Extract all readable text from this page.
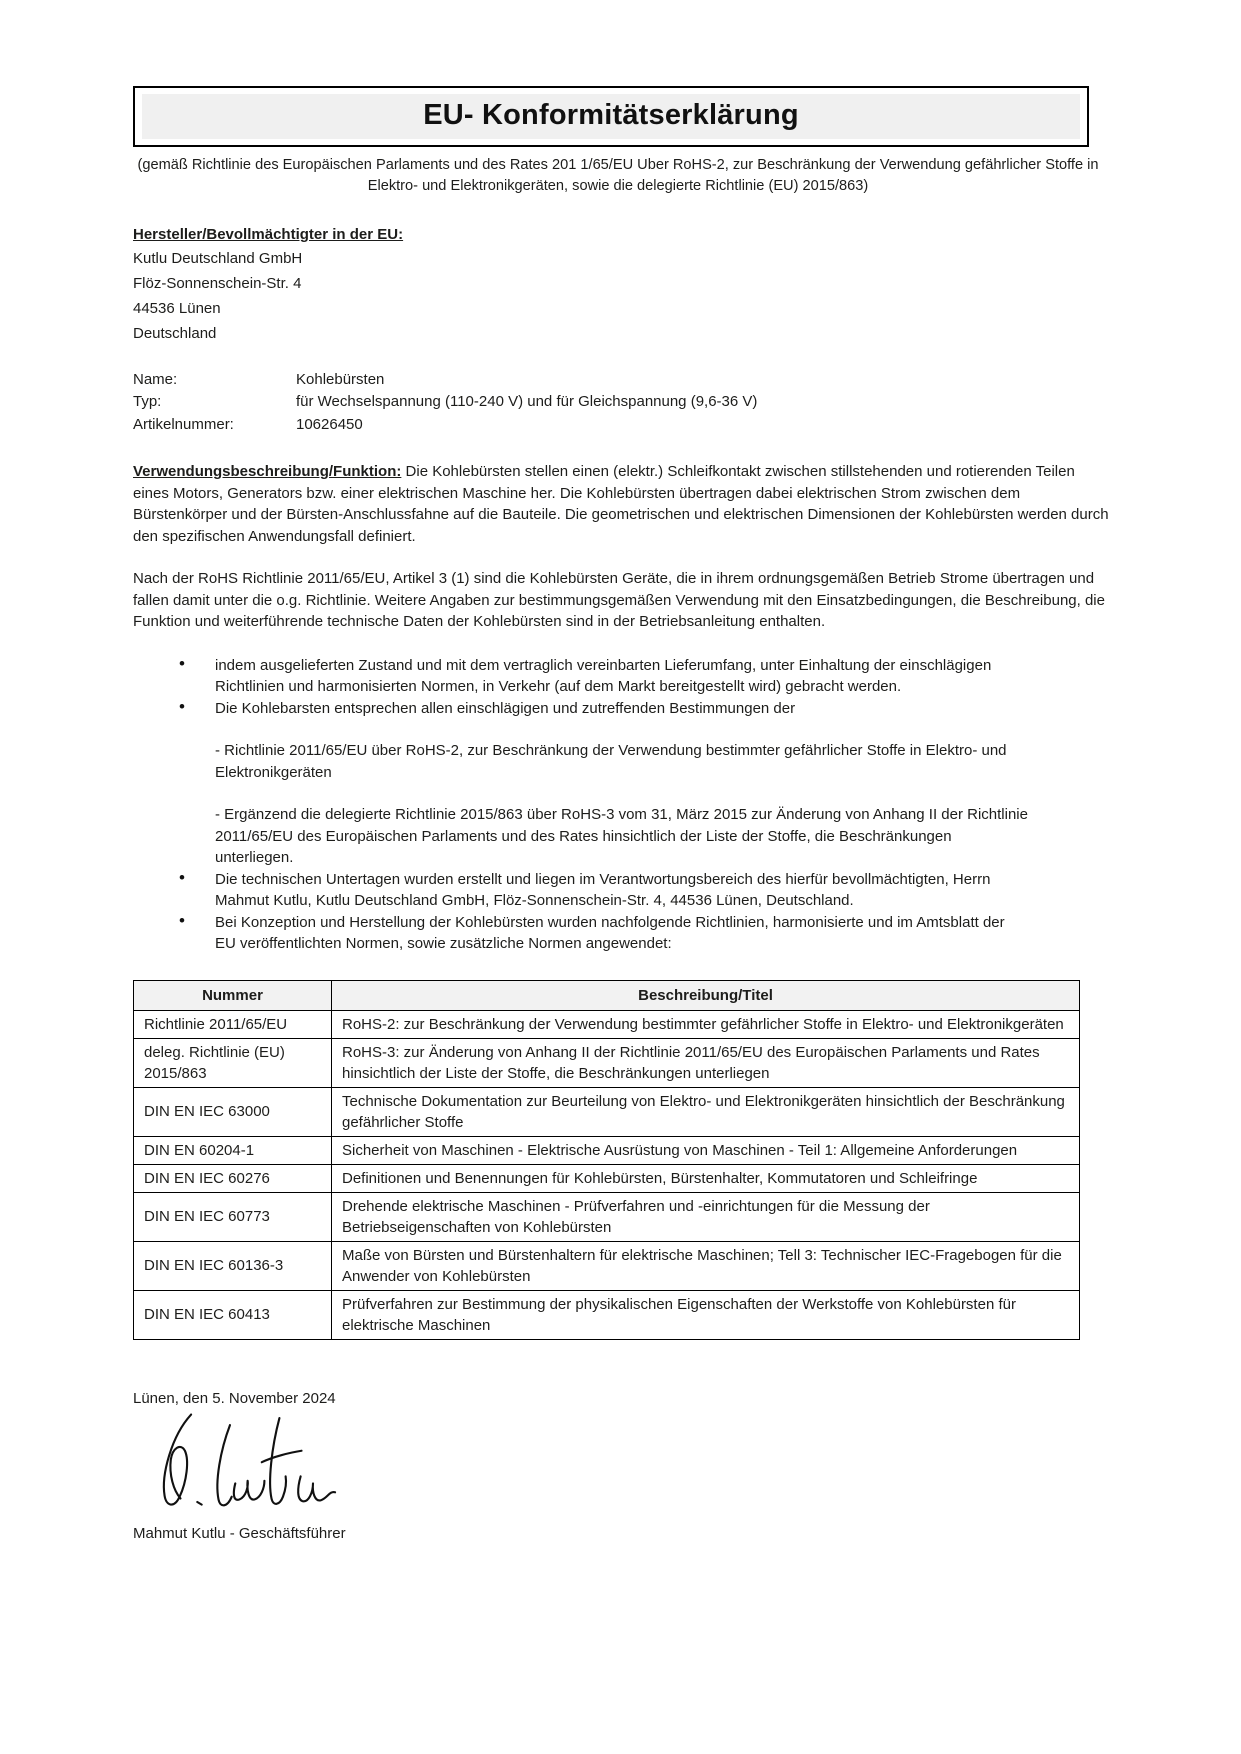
EU- Konformitätserklärung

(gemäß Richtlinie des Europäischen Parlaments und des Rates 201 1/65/EU Uber RoHS-2, zur Beschränkung der Verwendung gefährlicher Stoffe in Elektro- und Elektronikgeräten, sowie die delegierte Richtlinie (EU) 2015/863)

Hersteller/Bevollmächtigter in der EU:

Kutlu Deutschland GmbH

Flöz-Sonnenschein-Str. 4

44536 Lünen

Deutschland

Name:	Kohlebürsten
Typ:	für Wechselspannung (110-240 V) und für Gleichspannung (9,6-36 V)
Artikelnummer:	10626450

Verwendungsbeschreibung/Funktion: Die Kohlebürsten stellen einen (elektr.) Schleifkontakt zwischen stillstehenden und rotierenden Teilen eines Motors, Generators bzw. einer elektrischen Maschine her. Die Kohlebürsten übertragen dabei elektrischen Strom zwischen dem Bürstenkörper und der Bürsten-Anschlussfahne auf die Bauteile. Die geometrischen und elektrischen Dimensionen der Kohlebürsten werden durch den spezifischen Anwendungsfall definiert.

Nach der RoHS Richtlinie 2011/65/EU, Artikel 3 (1) sind die Kohlebürsten Geräte, die in ihrem ordnungsgemäßen Betrieb Strome übertragen und fallen damit unter die o.g. Richtlinie. Weitere Angaben zur bestimmungsgemäßen Verwendung mit den Einsatzbedingungen, die Beschreibung, die Funktion und weiterführende technische Daten der Kohlebürsten sind in der Betriebsanleitung enthalten.

• indem ausgelieferten Zustand und mit dem vertraglich vereinbarten Lieferumfang, unter Einhaltung der einschlägigen Richtlinien und harmonisierten Normen, in Verkehr (auf dem Markt bereitgestellt wird) gebracht werden.
• Die Kohlebarsten entsprechen allen einschlägigen und zutreffenden Bestimmungen der
- Richtlinie 2011/65/EU über RoHS-2, zur Beschränkung der Verwendung bestimmter gefährlicher Stoffe in Elektro- und Elektronikgeräten
- Ergänzend die delegierte Richtlinie 2015/863 über RoHS-3 vom 31, März 2015 zur Änderung von Anhang II der Richtlinie 2011/65/EU des Europäischen Parlaments und des Rates hinsichtlich der Liste der Stoffe, die Beschränkungen unterliegen.
• Die technischen Untertagen wurden erstellt und liegen im Verantwortungsbereich des hierfür bevollmächtigten, Herrn Mahmut Kutlu, Kutlu Deutschland GmbH, Flöz-Sonnenschein-Str. 4, 44536 Lünen, Deutschland.
• Bei Konzeption und Herstellung der Kohlebürsten wurden nachfolgende Richtlinien, harmonisierte und im Amtsblatt der EU veröffentlichten Normen, sowie zusätzliche Normen angewendet:
Nummer	Beschreibung/Titel
Richtlinie 2011/65/EU	RoHS-2: zur Beschränkung der Verwendung bestimmter gefährlicher Stoffe in Elektro- und Elektronikgeräten
deleg. Richtlinie (EU) 2015/863	RoHS-3: zur Änderung von Anhang II der Richtlinie 2011/65/EU des Europäischen Parlaments und Rates hinsichtlich der Liste der Stoffe, die Beschränkungen unterliegen
DIN EN IEC 63000	Technische Dokumentation zur Beurteilung von Elektro- und Elektronikgeräten hinsichtlich der Beschränkung gefährlicher Stoffe
DIN EN 60204-1	Sicherheit von Maschinen - Elektrische Ausrüstung von Maschinen - Teil 1: Allgemeine Anforderungen
DIN EN IEC 60276	Definitionen und Benennungen für Kohlebürsten, Bürstenhalter, Kommutatoren und Schleifringe
DIN EN IEC 60773	Drehende elektrische Maschinen - Prüfverfahren und -einrichtungen für die Messung der Betriebseigenschaften von Kohlebürsten
DIN EN IEC 60136-3	Maße von Bürsten und Bürstenhaltern für elektrische Maschinen; Tell 3: Technischer IEC-Fragebogen für die Anwender von Kohlebürsten
DIN EN IEC 60413	Prüfverfahren zur Bestimmung der physikalischen Eigenschaften der Werkstoffe von Kohlebürsten für elektrische Maschinen

Lünen, den 5. November 2024

Mahmut Kutlu - Geschäftsführer
